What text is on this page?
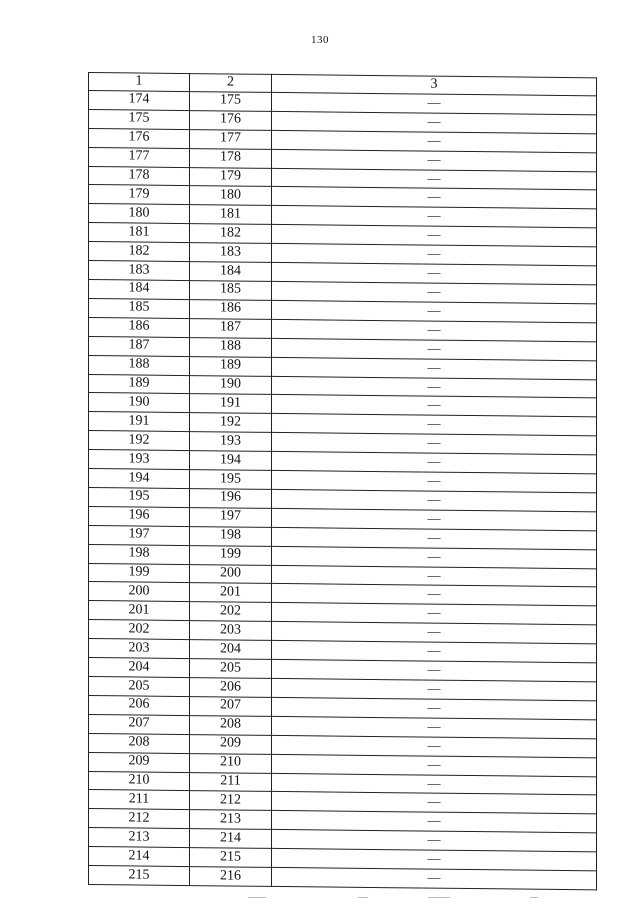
130
1	2	3
174	175	—
175	176	—
176	177	—
177	178	—
178	179	—
179	180	—
180	181	—
181	182	—
182	183	—
183	184	—
184	185	—
185	186	—
186	187	—
187	188	—
188	189	—
189	190	—
190	191	—
191	192	—
192	193	—
193	194	—
194	195	—
195	196	—
196	197	—
197	198	—
198	199	—
199	200	—
200	201	—
201	202	—
202	203	—
203	204	—
204	205	—
205	206	—
206	207	—
207	208	—
208	209	—
209	210	—
210	211	—
211	212	—
212	213	—
213	214	—
214	215	—
215	216	—
